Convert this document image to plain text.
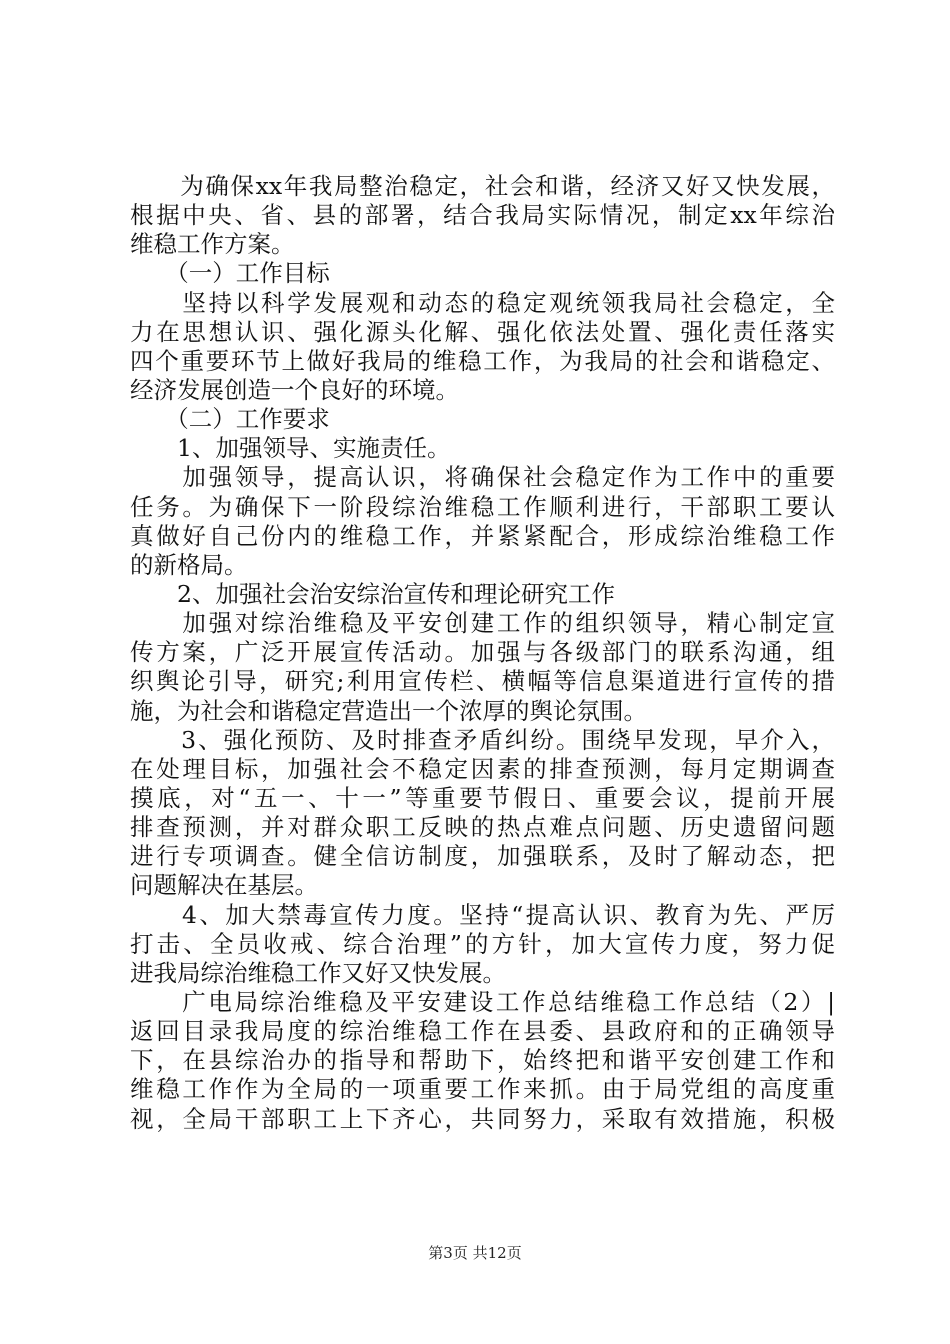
　　为确保xx年我局整治稳定，社会和谐，经济又好又快发展，
根据中央、省、县的部署，结合我局实际情况，制定xx年综治
维稳工作方案。
　　（一）工作目标
　　坚持以科学发展观和动态的稳定观统领我局社会稳定，全
力在思想认识、强化源头化解、强化依法处置、强化责任落实
四个重要环节上做好我局的维稳工作，为我局的社会和谐稳定、
经济发展创造一个良好的环境。
　　（二）工作要求
　　1、加强领导、实施责任。
　　加强领导，提高认识，将确保社会稳定作为工作中的重要
任务。为确保下一阶段综治维稳工作顺利进行，干部职工要认
真做好自己份内的维稳工作，并紧紧配合，形成综治维稳工作
的新格局。
　　2、加强社会治安综治宣传和理论研究工作
　　加强对综治维稳及平安创建工作的组织领导，精心制定宣
传方案，广泛开展宣传活动。加强与各级部门的联系沟通，组
织舆论引导，研究;利用宣传栏、横幅等信息渠道进行宣传的措
施，为社会和谐稳定营造出一个浓厚的舆论氛围。
　　3、强化预防、及时排查矛盾纠纷。围绕早发现，早介入，
在处理目标，加强社会不稳定因素的排查预测，每月定期调查
摸底，对“五一、十一”等重要节假日、重要会议，提前开展
排查预测，并对群众职工反映的热点难点问题、历史遗留问题
进行专项调查。健全信访制度，加强联系，及时了解动态，把
问题解决在基层。
　　4、加大禁毒宣传力度。坚持“提高认识、教育为先、严厉
打击、全员收戒、综合治理”的方针，加大宣传力度，努力促
进我局综治维稳工作又好又快发展。
　　广电局综治维稳及平安建设工作总结维稳工作总结（2）|
返回目录我局度的综治维稳工作在县委、县政府和的正确领导
下，在县综治办的指导和帮助下，始终把和谐平安创建工作和
维稳工作作为全局的一项重要工作来抓。由于局党组的高度重
视，全局干部职工上下齐心，共同努力，采取有效措施，积极
第3页 共12页
